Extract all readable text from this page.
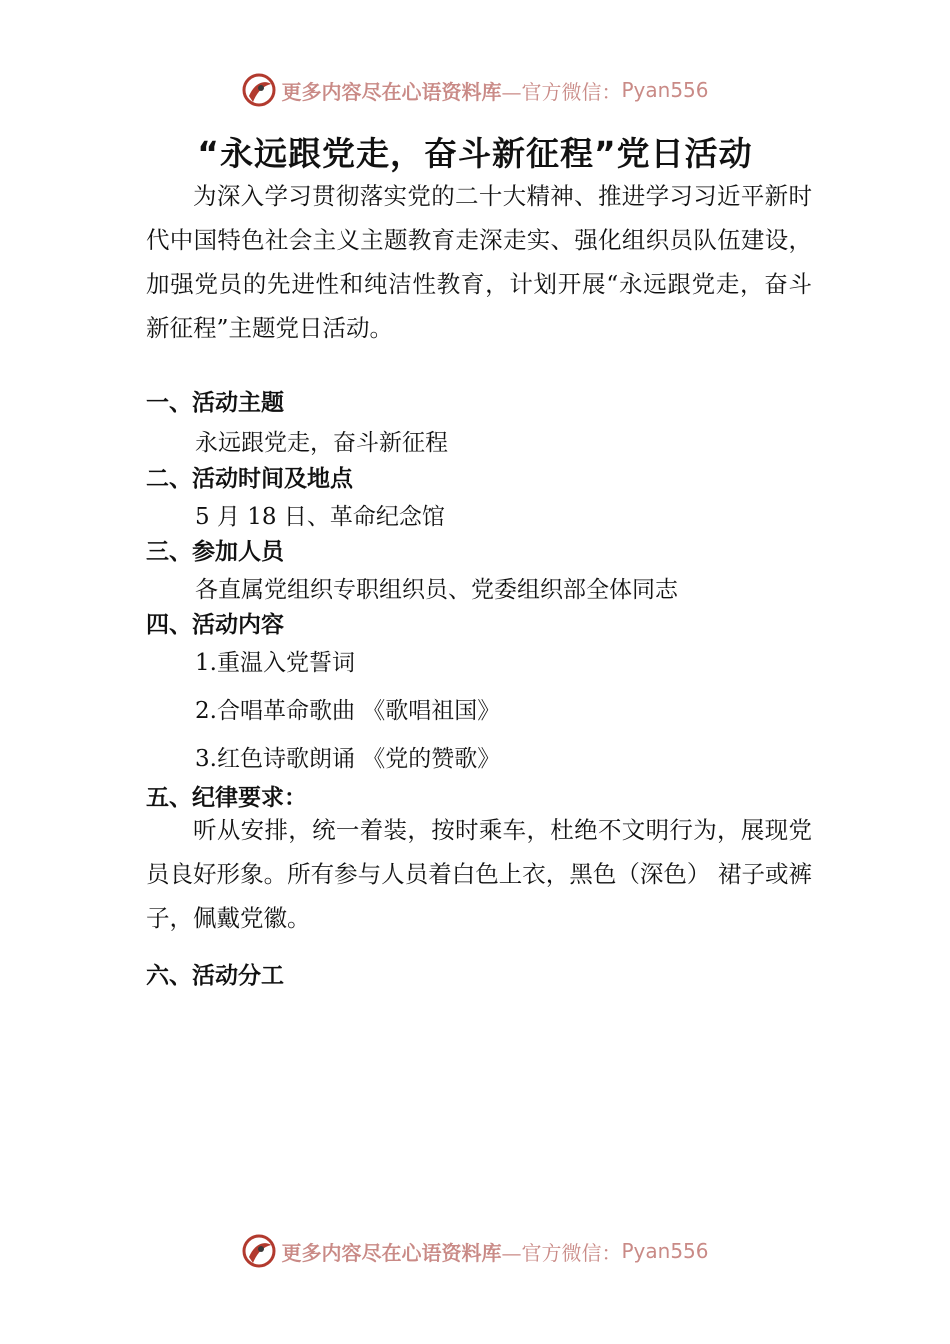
更多内容尽在心语资料库 —官方微信： Pyan556
“永远跟党走，奋斗新征程”党日活动

为深入学习贯彻落实党的二十大精神、推进学习习近平新时代中国特色社会主义主题教育走深走实、强化组织员队伍建设，加强党员的先进性和纯洁性教育，计划开展“永远跟党走，奋斗新征程”主题党日活动。

一、活动主题

永远跟党走，奋斗新征程

二、活动时间及地点

5 月 18 日、革命纪念馆

三、参加人员

各直属党组织专职组织员、党委组织部全体同志

四、活动内容

1.重温入党誓词

2.合唱革命歌曲 《歌唱祖国》

3.红色诗歌朗诵 《党的赞歌》

五、纪律要求：

听从安排，统一着装，按时乘车，杜绝不文明行为，展现党员良好形象。所有参与人员着白色上衣，黑色（深色） 裙子或裤子，佩戴党徽。

六、活动分工
更多内容尽在心语资料库 —官方微信： Pyan556
